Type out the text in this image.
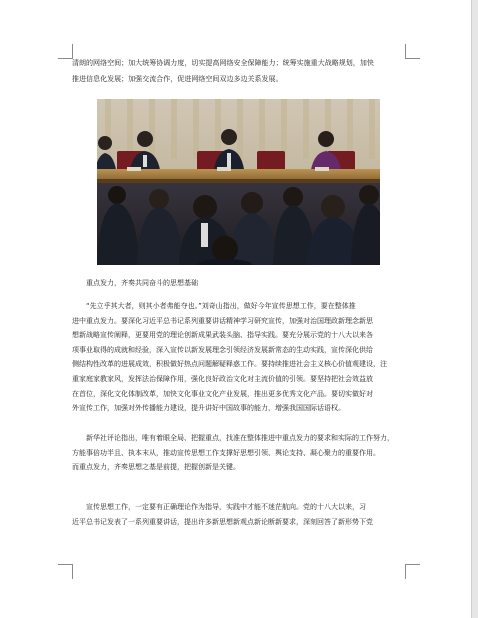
清朗的网络空间；加大统筹协调力度，切实提高网络安全保障能力；统筹实施重大战略规划，加快
推进信息化发展；加强交流合作，促进网络空间双边多边关系发展。
重点发力，齐奏共同奋斗的思想基础
“先立乎其大者，则其小者弗能夺也。”刘奇山指出，做好今年宣传思想工作，要在整体推
进中重点发力。要深化习近平总书记系列重要讲话精神学习研究宣传，加强对治国理政新理念新思
想新战略宣传阐释，更要用党的理论创新成果武装头脑、指导实践。要充分展示党的十八大以来各
项事业取得的成就和经验，深入宣传以新发展理念引领经济发展新常态的生动实践，宣传深化供给
侧结构性改革的进展成效，积极做好热点问题解疑释惑工作。要持续推进社会主义核心价值观建设，注
重家庭家教家风，发挥法治保障作用，强化良好政治文化对主流价值的引领。要坚持把社会效益放
在首位，深化文化体制改革，加快文化事业文化产业发展，推出更多优秀文化产品。要切实做好对
外宣传工作，加强对外传播能力建设，提升讲好中国故事的能力，增强我国国际话语权。
新华社评论指出，唯有着眼全局、把握重点，找准在整体推进中重点发力的要求和实际的工作努力，
方能事倍功半且、执本末从，推动宣传思想工作支撑好思想引领、舆论支持、凝心聚力的重要作用。
而重点发力，齐奏思想之基是前提，把握创新是关键。
宣传思想工作，一定要有正确理论作为指导，实践中才能不迷茫航向。党的十八大以来，习
近平总书记发表了一系列重要讲话，提出许多新思想新观点新论断新要求，深刻回答了新形势下党
